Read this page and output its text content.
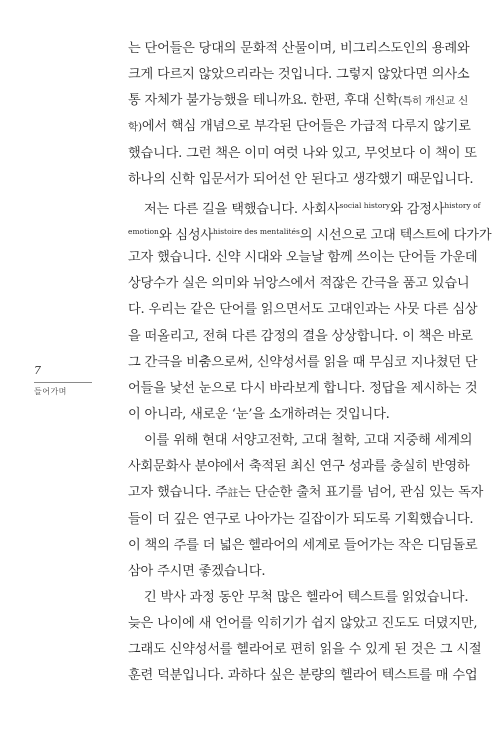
7
들어가며
는 단어들은 당대의 문화적 산물이며, 비그리스도인의 용례와
크게 다르지 않았으리라는 것입니다. 그렇지 않았다면 의사소
통 자체가 불가능했을 테니까요. 한편, 후대 신학(특히 개신교 신
학)에서 핵심 개념으로 부각된 단어들은 가급적 다루지 않기로
했습니다. 그런 책은 이미 여럿 나와 있고, 무엇보다 이 책이 또
하나의 신학 입문서가 되어선 안 된다고 생각했기 때문입니다.
저는 다른 길을 택했습니다. 사회사$^{social history}$와 감정사$^{history of}$
$^{emotion}$와 심성사$^{histoire des mentalités}$의 시선으로 고대 텍스트에 다가가
고자 했습니다. 신약 시대와 오늘날 함께 쓰이는 단어들 가운데
상당수가 실은 의미와 뉘앙스에서 적잖은 간극을 품고 있습니
다. 우리는 같은 단어를 읽으면서도 고대인과는 사뭇 다른 심상
을 떠올리고, 전혀 다른 감정의 결을 상상합니다. 이 책은 바로
그 간극을 비춤으로써, 신약성서를 읽을 때 무심코 지나쳤던 단
어들을 낯선 눈으로 다시 바라보게 합니다. 정답을 제시하는 것
이 아니라, 새로운 ‘눈’을 소개하려는 것입니다.
이를 위해 현대 서양고전학, 고대 철학, 고대 지중해 세계의
사회문화사 분야에서 축적된 최신 연구 성과를 충실히 반영하
고자 했습니다. 주註는 단순한 출처 표기를 넘어, 관심 있는 독자
들이 더 깊은 연구로 나아가는 길잡이가 되도록 기획했습니다.
이 책의 주를 더 넓은 헬라어의 세계로 들어가는 작은 디딤돌로
삼아 주시면 좋겠습니다.
긴 박사 과정 동안 무척 많은 헬라어 텍스트를 읽었습니다.
늦은 나이에 새 언어를 익히기가 쉽지 않았고 진도도 더뎠지만,
그래도 신약성서를 헬라어로 편히 읽을 수 있게 된 것은 그 시절
훈련 덕분입니다. 과하다 싶은 분량의 헬라어 텍스트를 매 수업
